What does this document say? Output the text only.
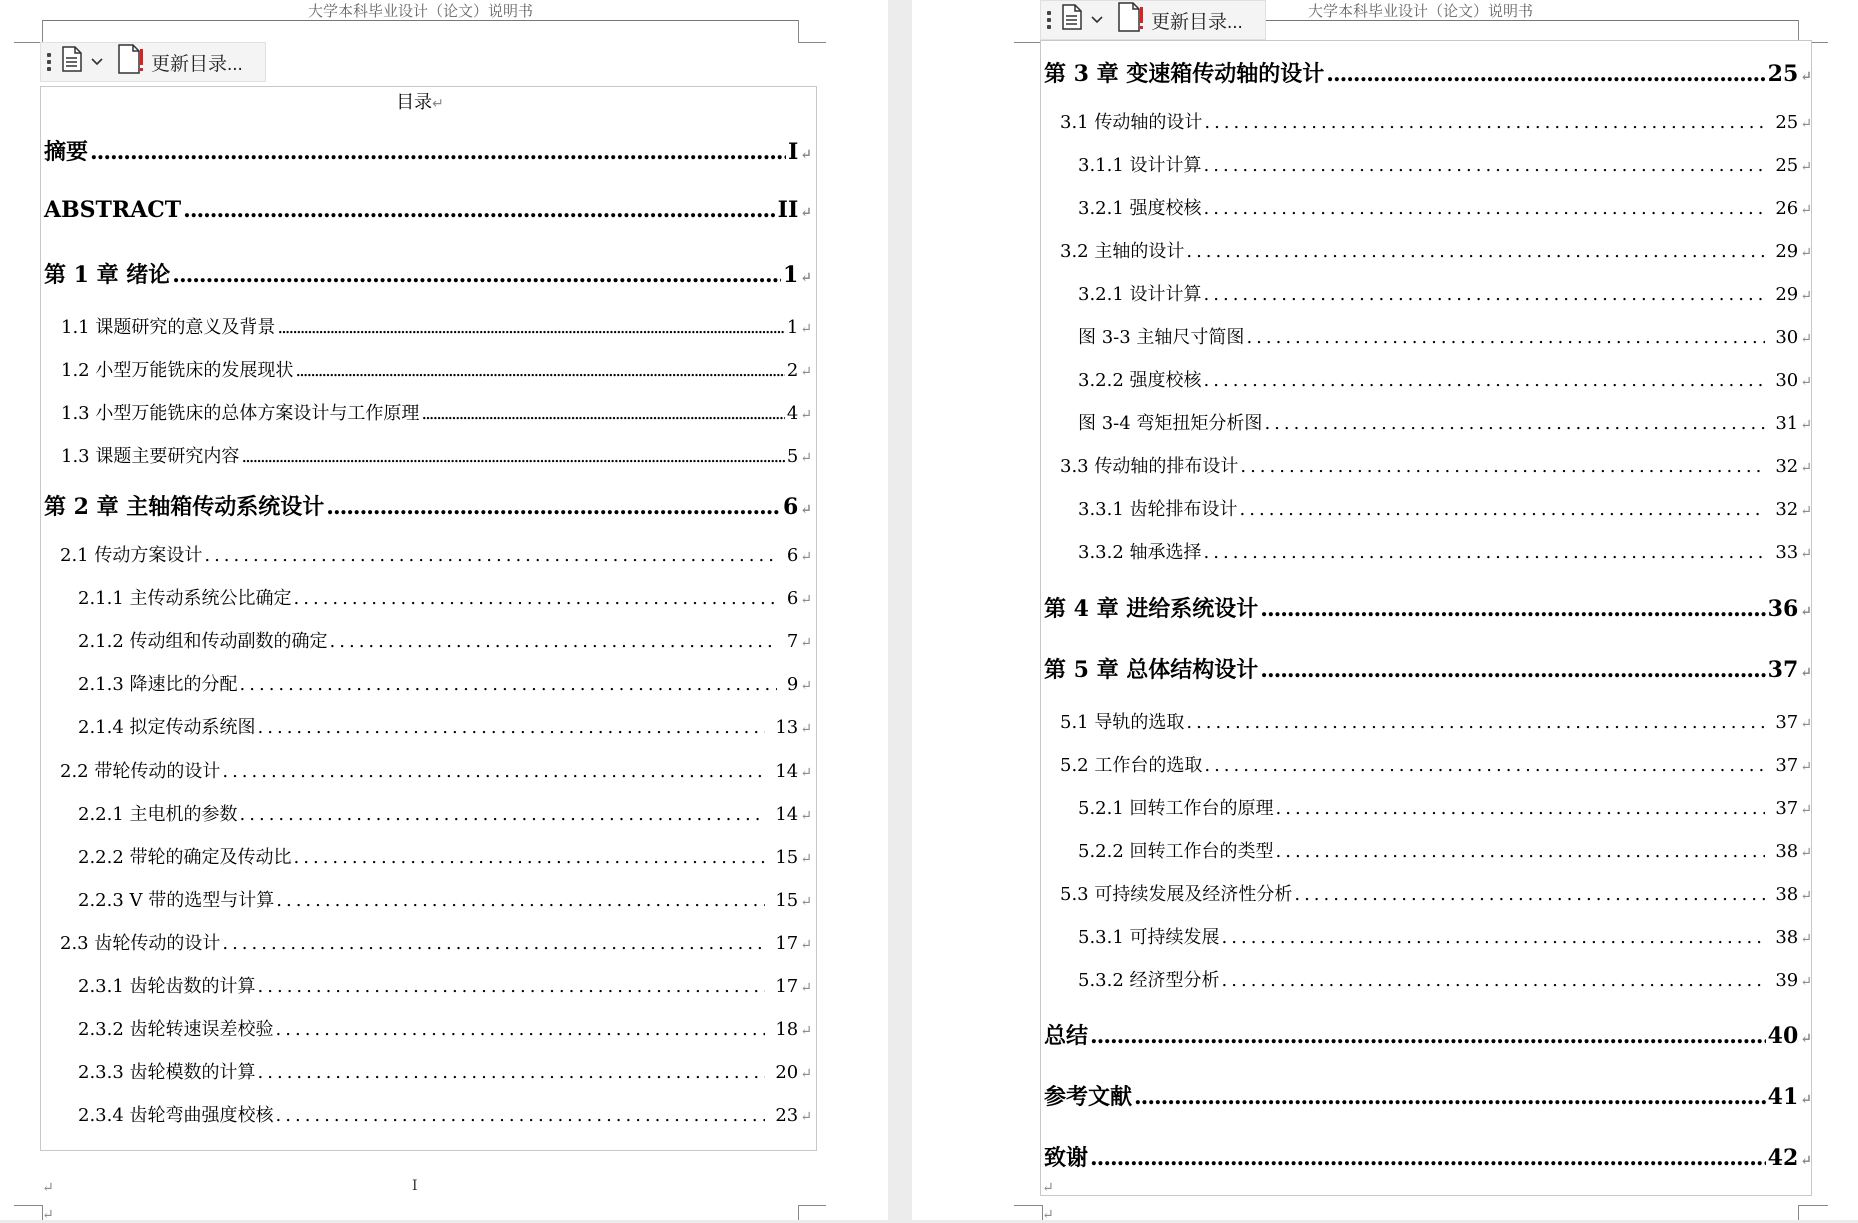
大学本科毕业设计（论文）说明书
更新目录...
目录↵
摘要 .....	I ↵
ABSTRACT .....	II ↵
第 1 章 绪论 .....	1 ↵
1.1 课题研究的意义及背景 .....	1 ↵
1.2 小型万能铣床的发展现状 .....	2 ↵
1.3 小型万能铣床的总体方案设计与工作原理 .....	4 ↵
1.3 课题主要研究内容 .....	5 ↵
第 2 章 主轴箱传动系统设计 .....	6 ↵
2.1 传动方案设计 .....	6 ↵
2.1.1 主传动系统公比确定 .....	6 ↵
2.1.2 传动组和传动副数的确定 .....	7 ↵
2.1.3 降速比的分配 .....	9 ↵
2.1.4 拟定传动系统图 .....	13 ↵
2.2 带轮传动的设计 .....	14 ↵
2.2.1 主电机的参数 .....	14 ↵
2.2.2 带轮的确定及传动比 .....	15 ↵
2.2.3 V 带的选型与计算 .....	15 ↵
2.3 齿轮传动的设计 .....	17 ↵
2.3.1 齿轮齿数的计算 .....	17 ↵
2.3.2 齿轮转速误差校验 .....	18 ↵
2.3.3 齿轮模数的计算 .....	20 ↵
2.3.4 齿轮弯曲强度校核 .....	23 ↵
↵
↵
I
大学本科毕业设计（论文）说明书
更新目录...
第 3 章 变速箱传动轴的设计 .....	25 ↵
3.1 传动轴的设计 .....	25 ↵
3.1.1 设计计算 .....	25 ↵
3.2.1 强度校核 .....	26 ↵
3.2 主轴的设计 .....	29 ↵
3.2.1 设计计算 .....	29 ↵
图 3-3 主轴尺寸简图 .....	30 ↵
3.2.2 强度校核 .....	30 ↵
图 3-4 弯矩扭矩分析图 .....	31 ↵
3.3 传动轴的排布设计 .....	32 ↵
3.3.1 齿轮排布设计 .....	32 ↵
3.3.2 轴承选择 .....	33 ↵
第 4 章 进给系统设计 .....	36 ↵
第 5 章 总体结构设计 .....	37 ↵
5.1 导轨的选取 .....	37 ↵
5.2 工作台的选取 .....	37 ↵
5.2.1 回转工作台的原理 .....	37 ↵
5.2.2 回转工作台的类型 .....	38 ↵
5.3 可持续发展及经济性分析 .....	38 ↵
5.3.1 可持续发展 .....	38 ↵
5.3.2 经济型分析 .....	39 ↵
总结 .....	40 ↵
参考文献 .....	41 ↵
致谢 .....	42 ↵
↵
↵
